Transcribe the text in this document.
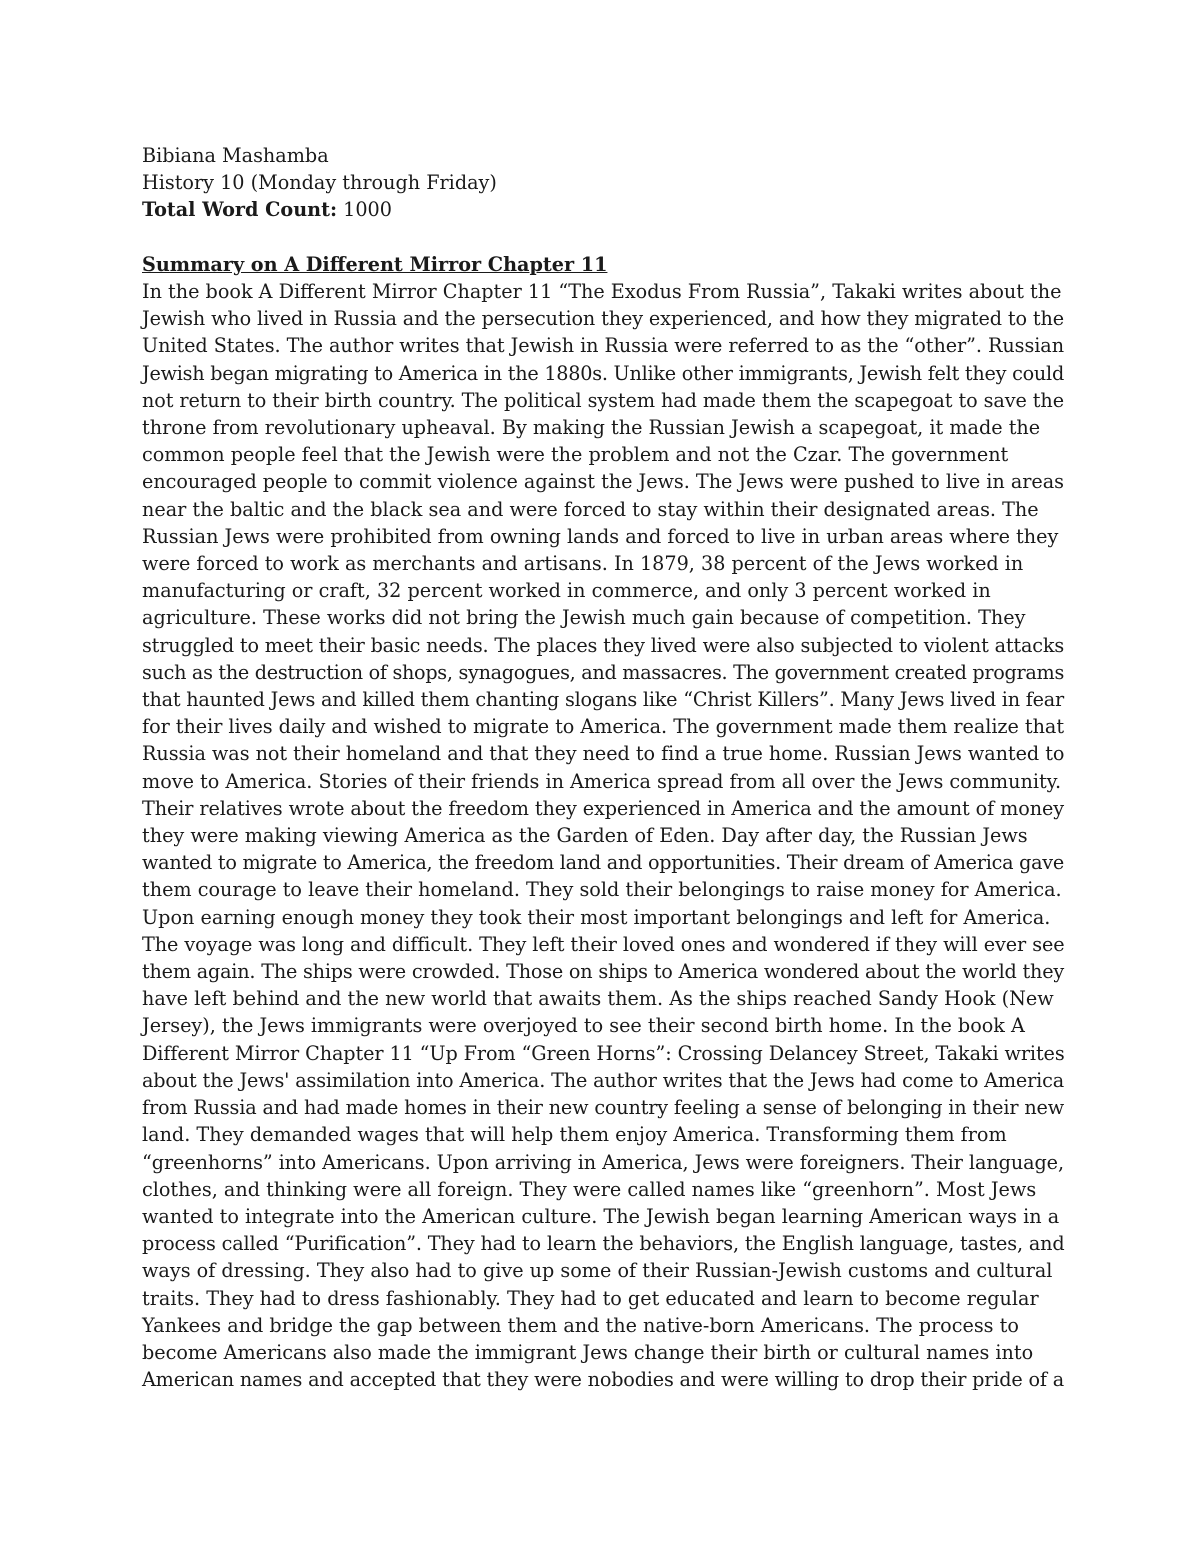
Bibiana Mashamba
History 10 (Monday through Friday)
Total Word Count: 1000
Summary on A Different Mirror Chapter 11
In the book A Different Mirror Chapter 11 “The Exodus From Russia”, Takaki writes about the
Jewish who lived in Russia and the persecution they experienced, and how they migrated to the
United States. The author writes that Jewish in Russia were referred to as the “other”. Russian
Jewish began migrating to America in the 1880s. Unlike other immigrants, Jewish felt they could
not return to their birth country. The political system had made them the scapegoat to save the
throne from revolutionary upheaval. By making the Russian Jewish a scapegoat, it made the
common people feel that the Jewish were the problem and not the Czar. The government
encouraged people to commit violence against the Jews. The Jews were pushed to live in areas
near the baltic and the black sea and were forced to stay within their designated areas. The
Russian Jews were prohibited from owning lands and forced to live in urban areas where they
were forced to work as merchants and artisans. In 1879, 38 percent of the Jews worked in
manufacturing or craft, 32 percent worked in commerce, and only 3 percent worked in
agriculture. These works did not bring the Jewish much gain because of competition. They
struggled to meet their basic needs. The places they lived were also subjected to violent attacks
such as the destruction of shops, synagogues, and massacres. The government created programs
that haunted Jews and killed them chanting slogans like “Christ Killers”. Many Jews lived in fear
for their lives daily and wished to migrate to America. The government made them realize that
Russia was not their homeland and that they need to find a true home. Russian Jews wanted to
move to America. Stories of their friends in America spread from all over the Jews community.
Their relatives wrote about the freedom they experienced in America and the amount of money
they were making viewing America as the Garden of Eden. Day after day, the Russian Jews
wanted to migrate to America, the freedom land and opportunities. Their dream of America gave
them courage to leave their homeland. They sold their belongings to raise money for America.
Upon earning enough money they took their most important belongings and left for America.
The voyage was long and difficult. They left their loved ones and wondered if they will ever see
them again. The ships were crowded. Those on ships to America wondered about the world they
have left behind and the new world that awaits them. As the ships reached Sandy Hook (New
Jersey), the Jews immigrants were overjoyed to see their second birth home. In the book A
Different Mirror Chapter 11 “Up From “Green Horns”: Crossing Delancey Street, Takaki writes
about the Jews' assimilation into America. The author writes that the Jews had come to America
from Russia and had made homes in their new country feeling a sense of belonging in their new
land. They demanded wages that will help them enjoy America. Transforming them from
“greenhorns” into Americans. Upon arriving in America, Jews were foreigners. Their language,
clothes, and thinking were all foreign. They were called names like “greenhorn”. Most Jews
wanted to integrate into the American culture. The Jewish began learning American ways in a
process called “Purification”. They had to learn the behaviors, the English language, tastes, and
ways of dressing. They also had to give up some of their Russian-Jewish customs and cultural
traits. They had to dress fashionably. They had to get educated and learn to become regular
Yankees and bridge the gap between them and the native-born Americans. The process to
become Americans also made the immigrant Jews change their birth or cultural names into
American names and accepted that they were nobodies and were willing to drop their pride of a
